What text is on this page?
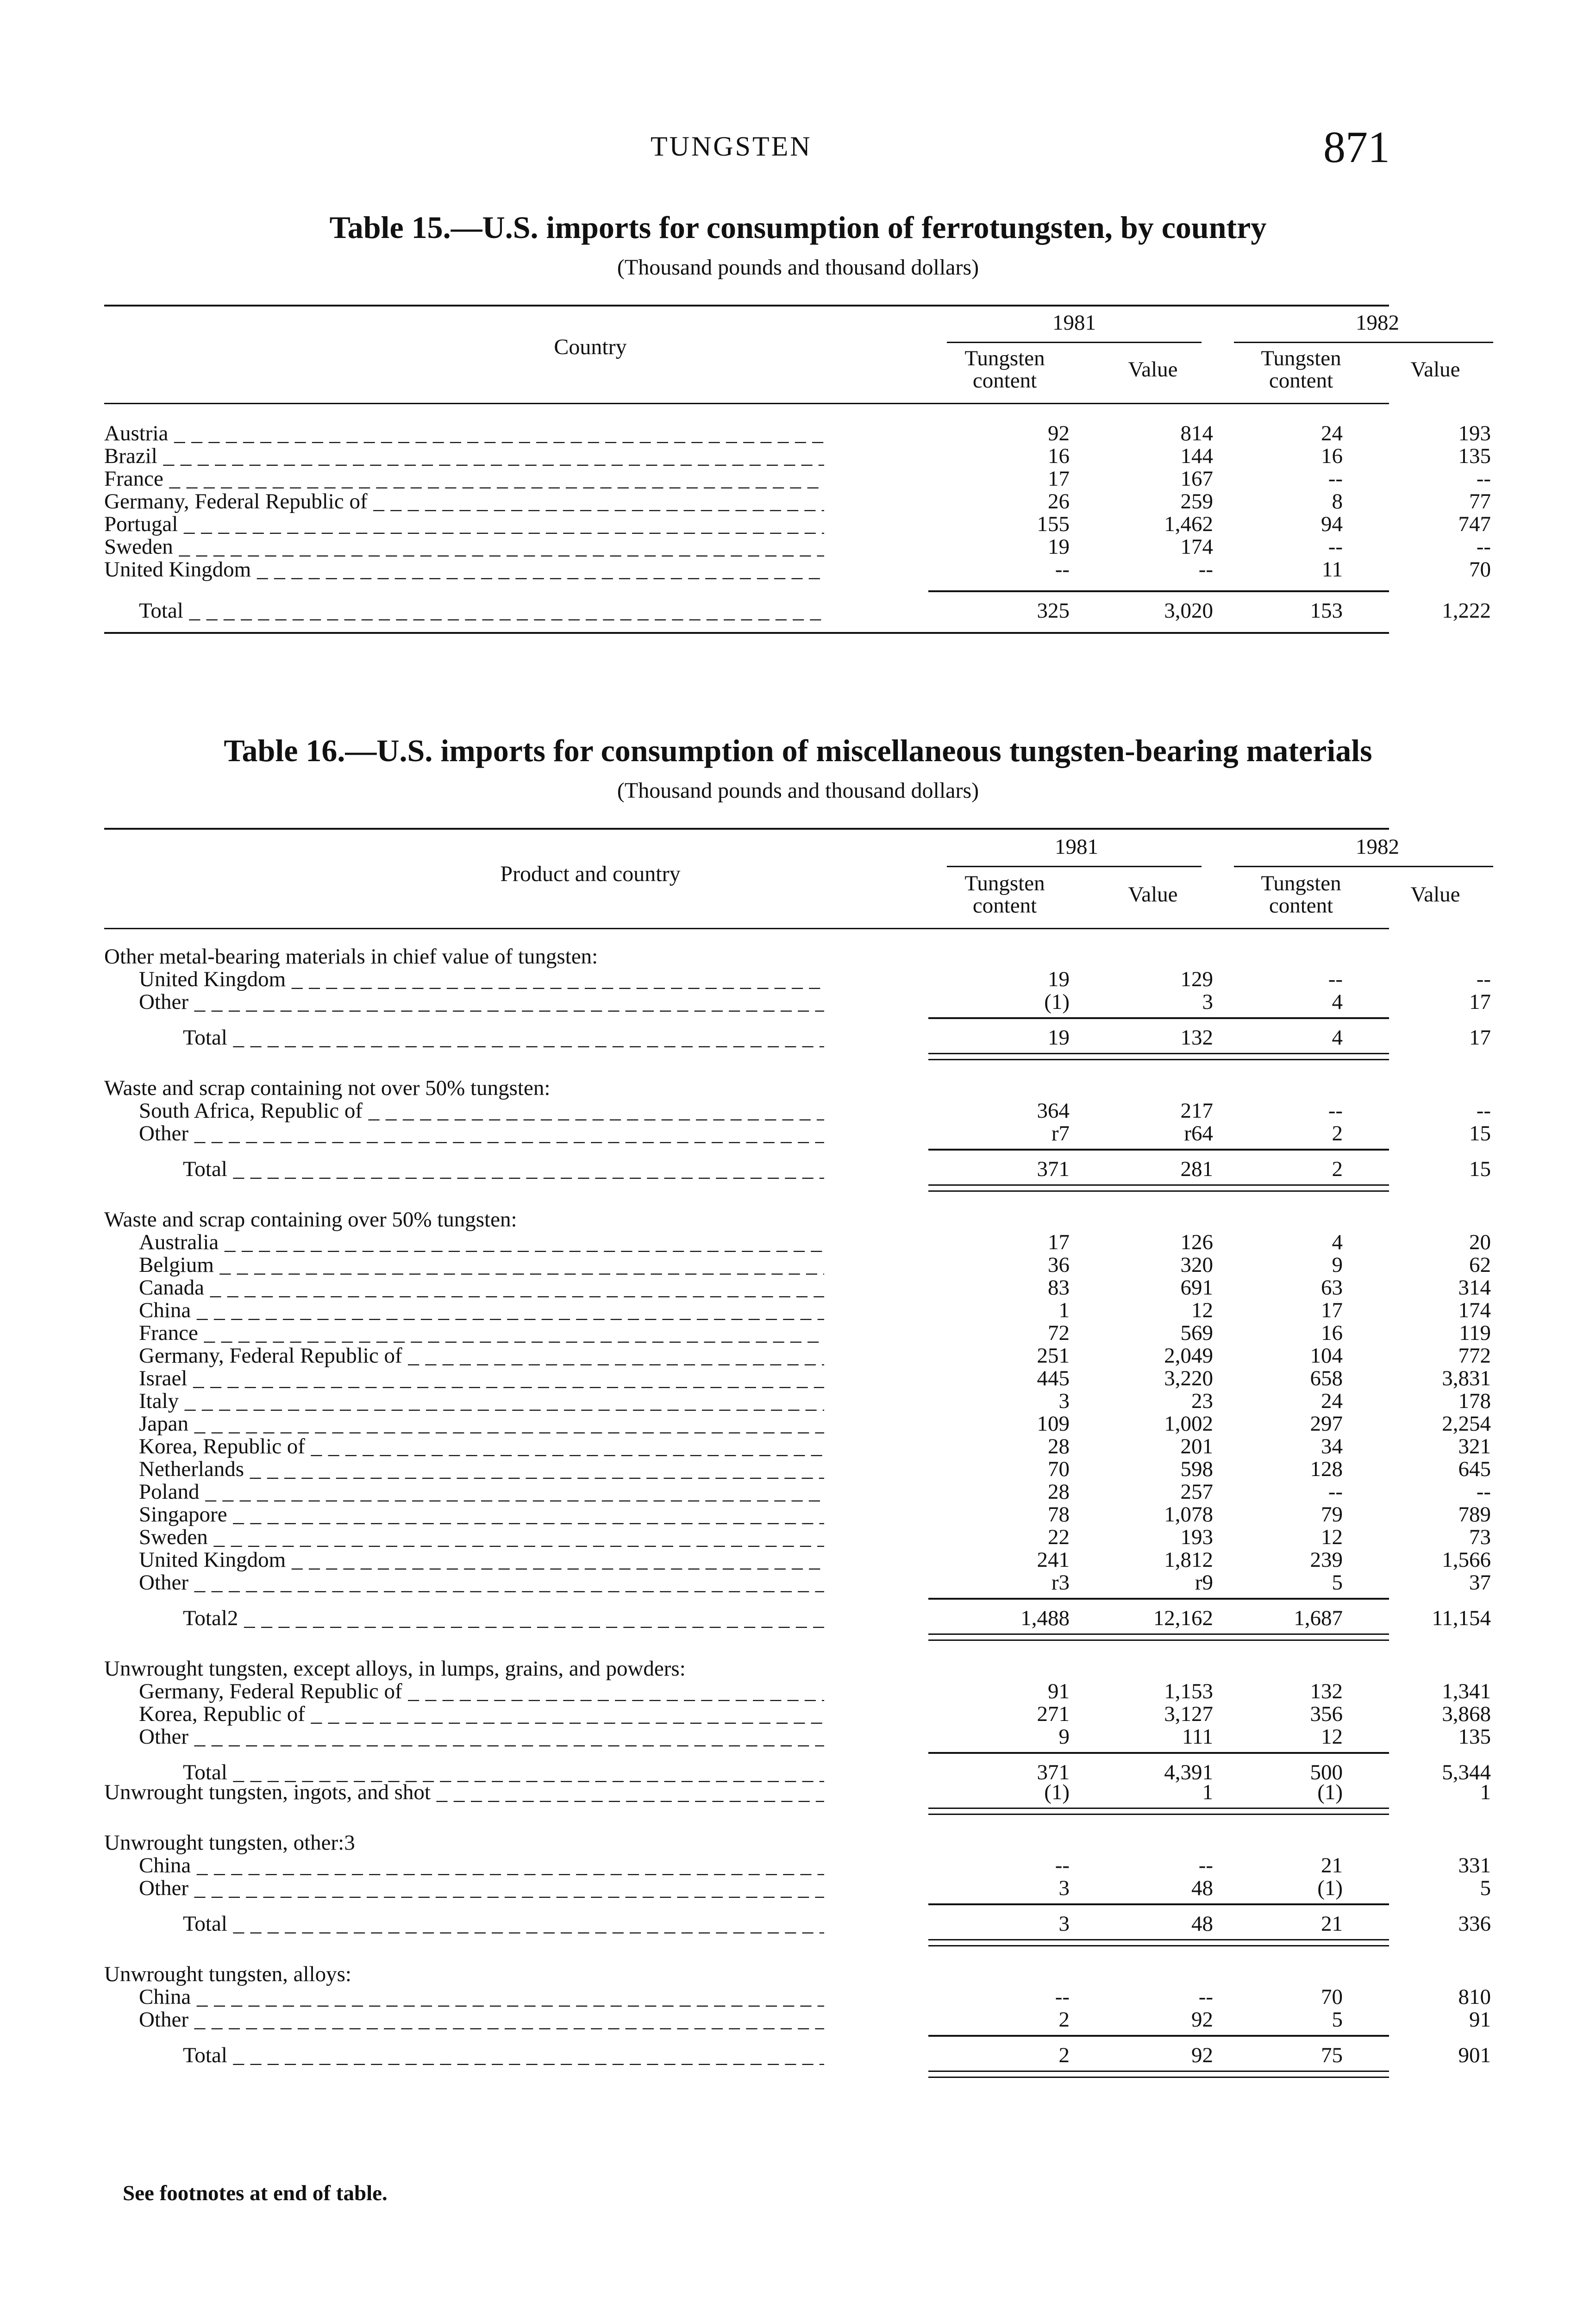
TUNGSTEN	871
Table 15.—U.S. imports for consumption of ferrotungsten, by country
(Thousand pounds and thousand dollars)
Country
1981	1982
Tungsten content	Value	Tungsten content	Value
Austria _ _ _	92	814	24	193
Brazil _ _ _	16	144	16	135
France _ _ _	17	167	--	--
Germany, Federal Republic of _ _ _	26	259	8	77
Portugal _ _ _	155	1,462	94	747
Sweden _ _ _	19	174	--	--
United Kingdom _ _ _	--	--	11	70
Total _ _ _	325	3,020	153	1,222
Table 16.—U.S. imports for consumption of miscellaneous tungsten-bearing materials
(Thousand pounds and thousand dollars)
Product and country
1981	1982
Tungsten content	Value	Tungsten content	Value
Other metal-bearing materials in chief value of tungsten:
United Kingdom _ _ _	19	129	--	--
Other _ _ _	(1)	3	4	17
Total _ _ _	19	132	4	17
Waste and scrap containing not over 50% tungsten:
South Africa, Republic of _ _ _	364	217	--	--
Other _ _ _	r7	r64	2	15
Total _ _ _	371	281	2	15
Waste and scrap containing over 50% tungsten:
Australia _ _ _	17	126	4	20
Belgium _ _ _	36	320	9	62
Canada _ _ _	83	691	63	314
China _ _ _	1	12	17	174
France _ _ _	72	569	16	119
Germany, Federal Republic of _ _ _	251	2,049	104	772
Israel _ _ _	445	3,220	658	3,831
Italy _ _ _	3	23	24	178
Japan _ _ _	109	1,002	297	2,254
Korea, Republic of _ _ _	28	201	34	321
Netherlands _ _ _	70	598	128	645
Poland _ _ _	28	257	--	--
Singapore _ _ _	78	1,078	79	789
Sweden _ _ _	22	193	12	73
United Kingdom _ _ _	241	1,812	239	1,566
Other _ _ _	r3	r9	5	37
Total2 _ _ _	1,488	12,162	1,687	11,154
Unwrought tungsten, except alloys, in lumps, grains, and powders:
Germany, Federal Republic of _ _ _	91	1,153	132	1,341
Korea, Republic of _ _ _	271	3,127	356	3,868
Other _ _ _	9	111	12	135
Total _ _ _	371	4,391	500	5,344
Unwrought tungsten, ingots, and shot _ _ _	(1)	1	(1)	1
Unwrought tungsten, other:3
China _ _ _	--	--	21	331
Other _ _ _	3	48	(1)	5
Total _ _ _	3	48	21	336
Unwrought tungsten, alloys:
China _ _ _	--	--	70	810
Other _ _ _	2	92	5	91
Total _ _ _	2	92	75	901
See footnotes at end of table.
